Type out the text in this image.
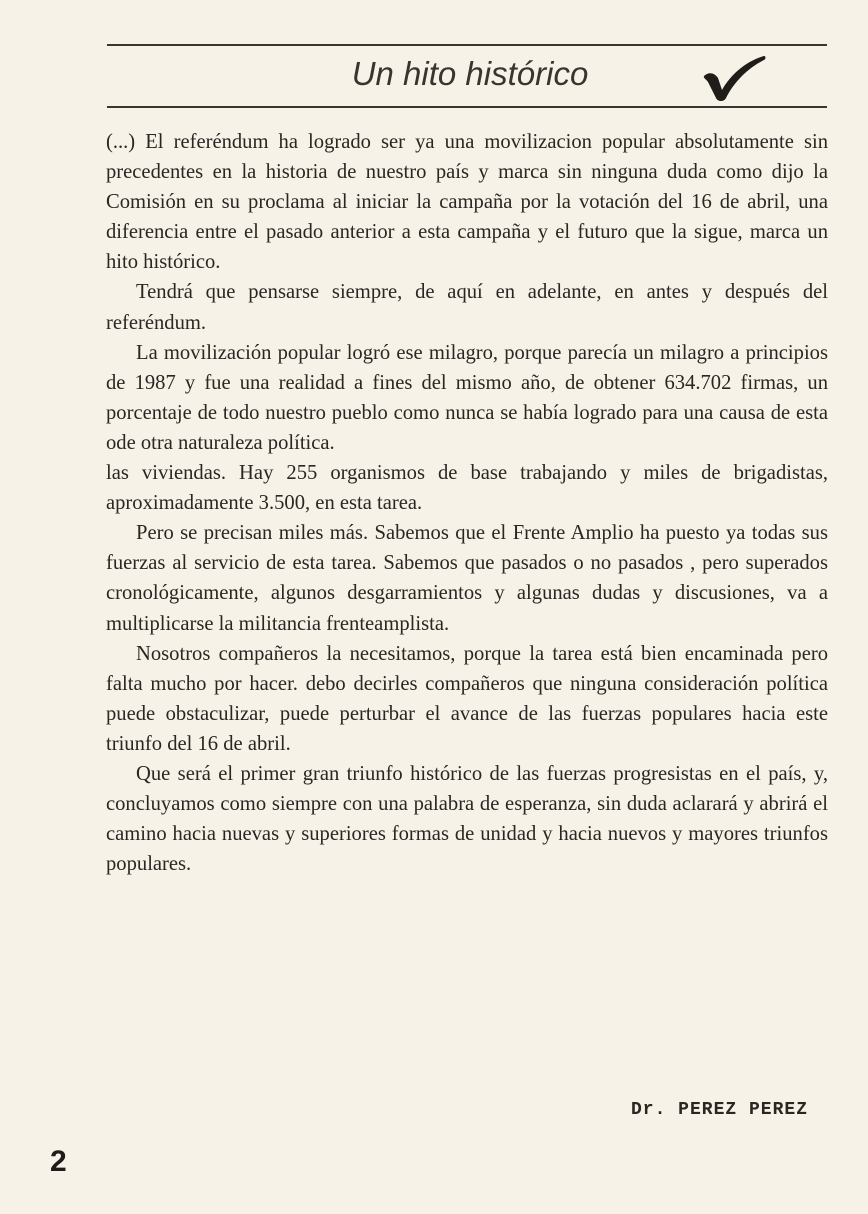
Un hito histórico

(...) El referéndum ha logrado ser ya una movilizacion popular absolutamente sin precedentes en la historia de nuestro país y marca sin ninguna duda como dijo la Comisión en su proclama al iniciar la campaña por la votación del 16 de abril, una diferencia entre el pasado anterior a esta campaña y el futuro que la sigue, marca un hito histórico.

Tendrá que pensarse siempre, de aquí en adelante, en antes y después del referéndum.

La movilización popular logró ese milagro, porque parecía un milagro a principios de 1987 y fue una realidad a fines del mismo año, de obtener 634.702 firmas, un porcentaje de todo nuestro pueblo como nunca se había logrado para una causa de esta ode otra naturaleza política.

las viviendas. Hay 255 organismos de base trabajando y miles de brigadistas, aproximadamente 3.500, en esta tarea.

Pero se precisan miles más. Sabemos que el Frente Amplio ha puesto ya todas sus fuerzas al servicio de esta tarea. Sabemos que pasados o no pasados , pero superados cronológicamente, algunos desgarramientos y algunas dudas y discusiones, va a multiplicarse la militancia frenteamplista.

Nosotros compañeros la necesitamos, porque la tarea está bien encaminada pero falta mucho por hacer. debo decirles compañeros que ninguna consideración política puede obstaculizar, puede perturbar el avance de las fuerzas populares hacia este triunfo del 16 de abril.

Que será el primer gran triunfo histórico de las fuerzas progresistas en el país, y, concluyamos como siempre con una palabra de esperanza, sin duda aclarará y abrirá el camino hacia nuevas y superiores formas de unidad y hacia nuevos y mayores triunfos populares.

Dr. PEREZ PEREZ
2
